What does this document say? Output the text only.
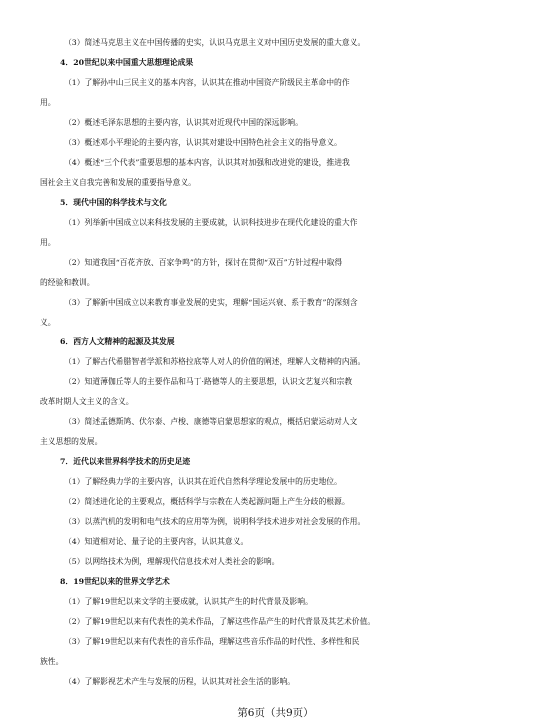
（3）简述马克思主义在中国传播的史实，认识马克思主义对中国历史发展的重大意义。
4．20世纪以来中国重大思想理论成果
（1）了解孙中山三民主义的基本内容，认识其在推动中国资产阶级民主革命中的作
用。
（2）概述毛泽东思想的主要内容，认识其对近现代中国的深远影响。
（3）概述邓小平理论的主要内容，认识其对建设中国特色社会主义的指导意义。
（4）概述“三个代表”重要思想的基本内容，认识其对加强和改进党的建设，推进我
国社会主义自我完善和发展的重要指导意义。
5．现代中国的科学技术与文化
（1）列举新中国成立以来科技发展的主要成就，认识科技进步在现代化建设的重大作
用。
（2）知道我国“百花齐放、百家争鸣”的方针，探讨在贯彻“双百”方针过程中取得
的经验和教训。
（3）了解新中国成立以来教育事业发展的史实，理解“国运兴衰、系于教育”的深刻含
义。
6．西方人文精神的起源及其发展
（1）了解古代希腊智者学派和苏格拉底等人对人的价值的阐述，理解人文精神的内涵。
（2）知道薄伽丘等人的主要作品和马丁·路德等人的主要思想，认识文艺复兴和宗教
改革时期人文主义的含义。
（3）简述孟德斯鸠、伏尔泰、卢梭、康德等启蒙思想家的观点，概括启蒙运动对人文
主义思想的发展。
7．近代以来世界科学技术的历史足迹
（1）了解经典力学的主要内容，认识其在近代自然科学理论发展中的历史地位。
（2）简述进化论的主要观点，概括科学与宗教在人类起源问题上产生分歧的根源。
（3）以蒸汽机的发明和电气技术的应用等为例，说明科学技术进步对社会发展的作用。
（4）知道相对论、量子论的主要内容，认识其意义。
（5）以网络技术为例，理解现代信息技术对人类社会的影响。
8．19世纪以来的世界文学艺术
（1）了解19世纪以来文学的主要成就，认识其产生的时代背景及影响。
（2）了解19世纪以来有代表性的美术作品，了解这些作品产生的时代背景及其艺术价值。
（3）了解19世纪以来有代表性的音乐作品，理解这些音乐作品的时代性、多样性和民
族性。
（4）了解影视艺术产生与发展的历程，认识其对社会生活的影响。
第6页（共9页）
